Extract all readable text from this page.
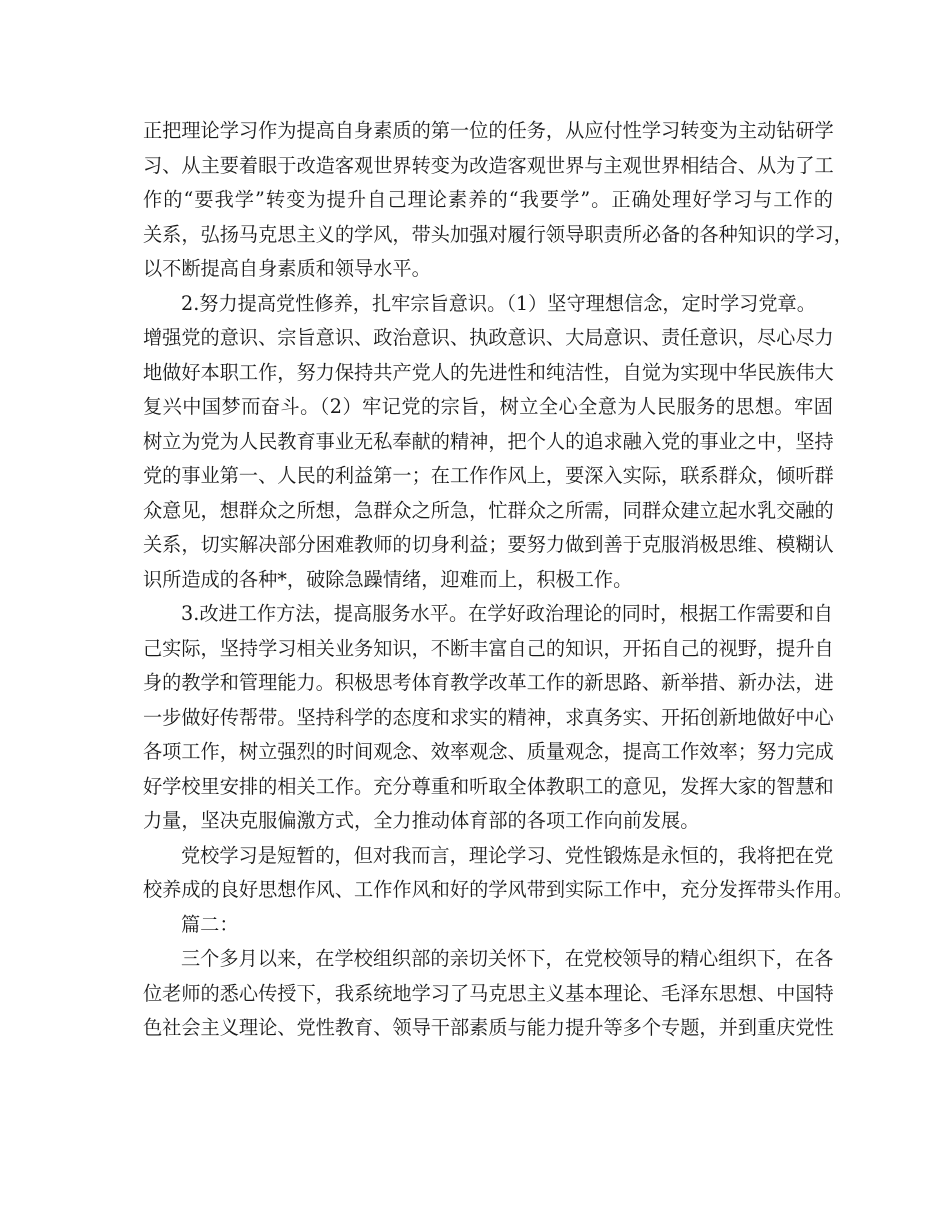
正把理论学习作为提高自身素质的第一位的任务，从应付性学习转变为主动钻研学
习、从主要着眼于改造客观世界转变为改造客观世界与主观世界相结合、从为了工
作的“要我学”转变为提升自己理论素养的“我要学”。正确处理好学习与工作的
关系，弘扬马克思主义的学风，带头加强对履行领导职责所必备的各种知识的学习，
以不断提高自身素质和领导水平。
2.努力提高党性修养，扎牢宗旨意识。（1）坚守理想信念，定时学习党章。
增强党的意识、宗旨意识、政治意识、执政意识、大局意识、责任意识，尽心尽力
地做好本职工作，努力保持共产党人的先进性和纯洁性，自觉为实现中华民族伟大
复兴中国梦而奋斗。（2）牢记党的宗旨，树立全心全意为人民服务的思想。牢固
树立为党为人民教育事业无私奉献的精神，把个人的追求融入党的事业之中，坚持
党的事业第一、人民的利益第一；在工作作风上，要深入实际，联系群众，倾听群
众意见，想群众之所想，急群众之所急，忙群众之所需，同群众建立起水乳交融的
关系，切实解决部分困难教师的切身利益；要努力做到善于克服消极思维、模糊认
识所造成的各种*，破除急躁情绪，迎难而上，积极工作。
3.改进工作方法，提高服务水平。在学好政治理论的同时，根据工作需要和自
己实际，坚持学习相关业务知识，不断丰富自己的知识，开拓自己的视野，提升自
身的教学和管理能力。积极思考体育教学改革工作的新思路、新举措、新办法，进
一步做好传帮带。坚持科学的态度和求实的精神，求真务实、开拓创新地做好中心
各项工作，树立强烈的时间观念、效率观念、质量观念，提高工作效率；努力完成
好学校里安排的相关工作。充分尊重和听取全体教职工的意见，发挥大家的智慧和
力量，坚决克服偏激方式，全力推动体育部的各项工作向前发展。
党校学习是短暂的，但对我而言，理论学习、党性锻炼是永恒的，我将把在党
校养成的良好思想作风、工作作风和好的学风带到实际工作中，充分发挥带头作用。
篇二：
三个多月以来，在学校组织部的亲切关怀下，在党校领导的精心组织下，在各
位老师的悉心传授下，我系统地学习了马克思主义基本理论、毛泽东思想、中国特
色社会主义理论、党性教育、领导干部素质与能力提升等多个专题，并到重庆党性
